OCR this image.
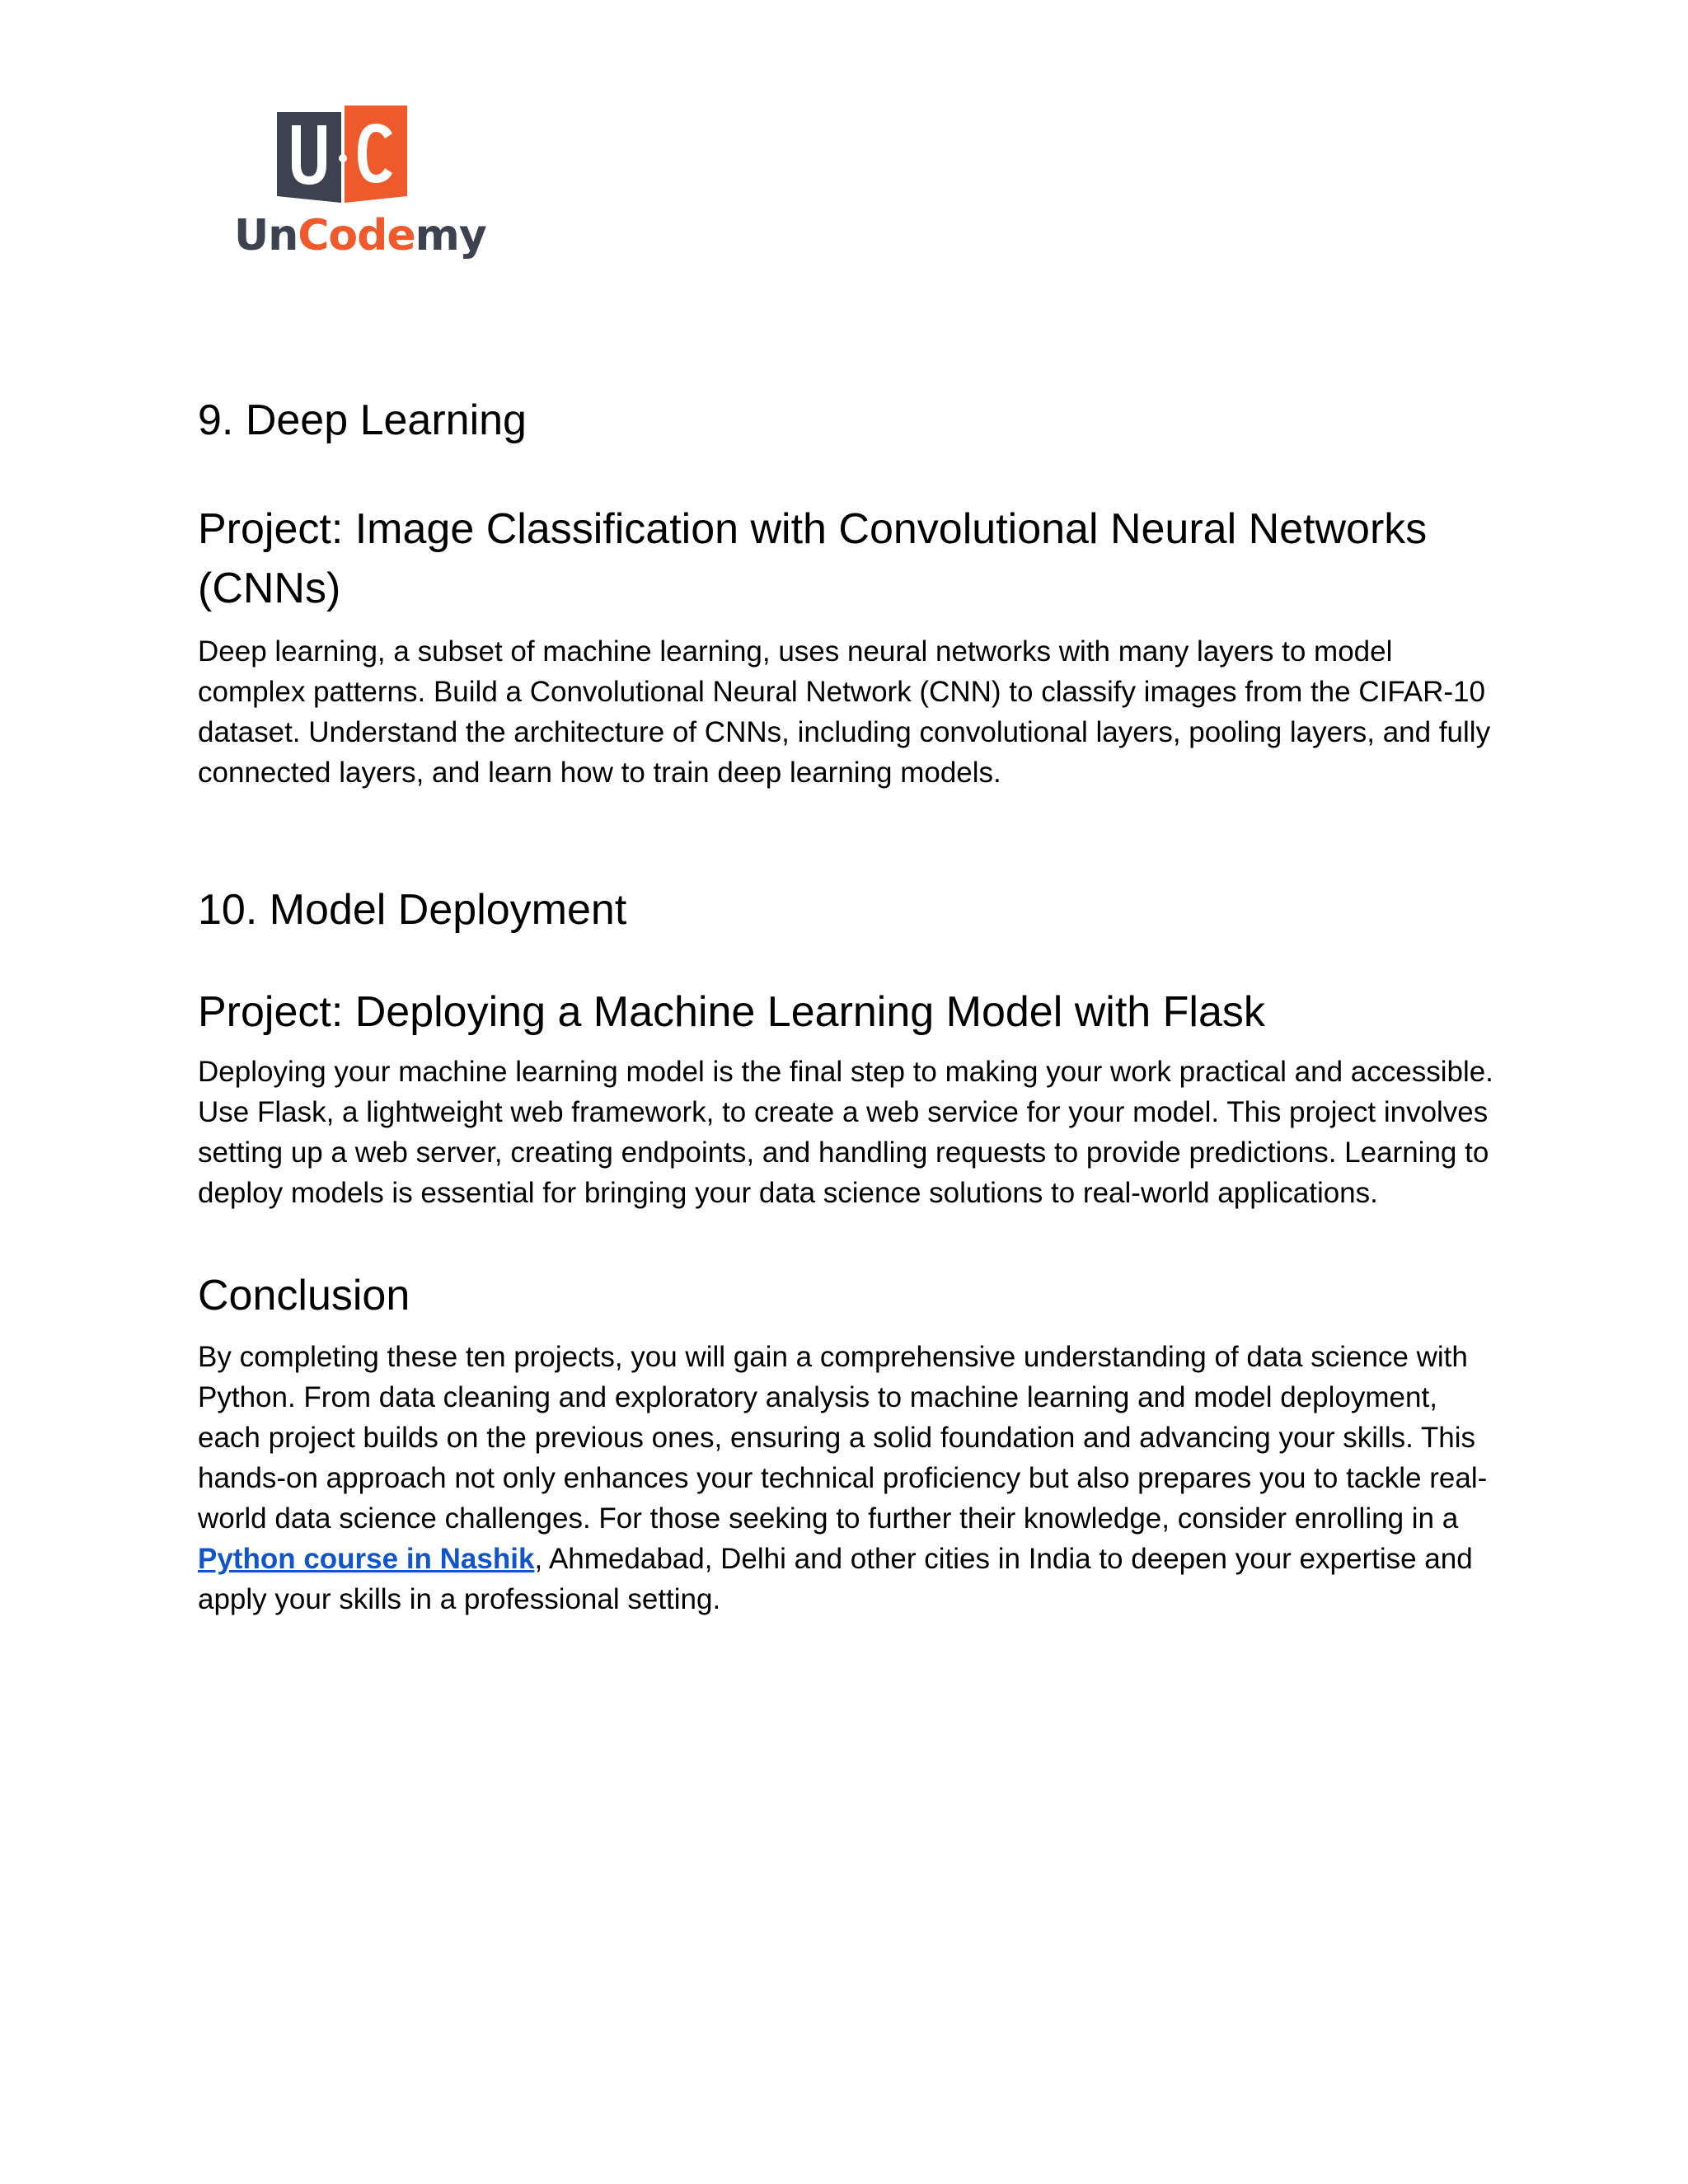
UnCodemy
9. Deep Learning
Project: Image Classification with Convolutional Neural Networks (CNNs)

Deep learning, a subset of machine learning, uses neural networks with many layers to model complex patterns. Build a Convolutional Neural Network (CNN) to classify images from the CIFAR-10 dataset. Understand the architecture of CNNs, including convolutional layers, pooling layers, and fully connected layers, and learn how to train deep learning models.

10. Model Deployment
Project: Deploying a Machine Learning Model with Flask

Deploying your machine learning model is the final step to making your work practical and accessible. Use Flask, a lightweight web framework, to create a web service for your model. This project involves setting up a web server, creating endpoints, and handling requests to provide predictions. Learning to deploy models is essential for bringing your data science solutions to real-world applications.

Conclusion

By completing these ten projects, you will gain a comprehensive understanding of data science with Python. From data cleaning and exploratory analysis to machine learning and model deployment, each project builds on the previous ones, ensuring a solid foundation and advancing your skills. This hands-on approach not only enhances your technical proficiency but also prepares you to tackle real-world data science challenges. For those seeking to further their knowledge, consider enrolling in a Python course in Nashik, Ahmedabad, Delhi and other cities in India to deepen your expertise and apply your skills in a professional setting.
